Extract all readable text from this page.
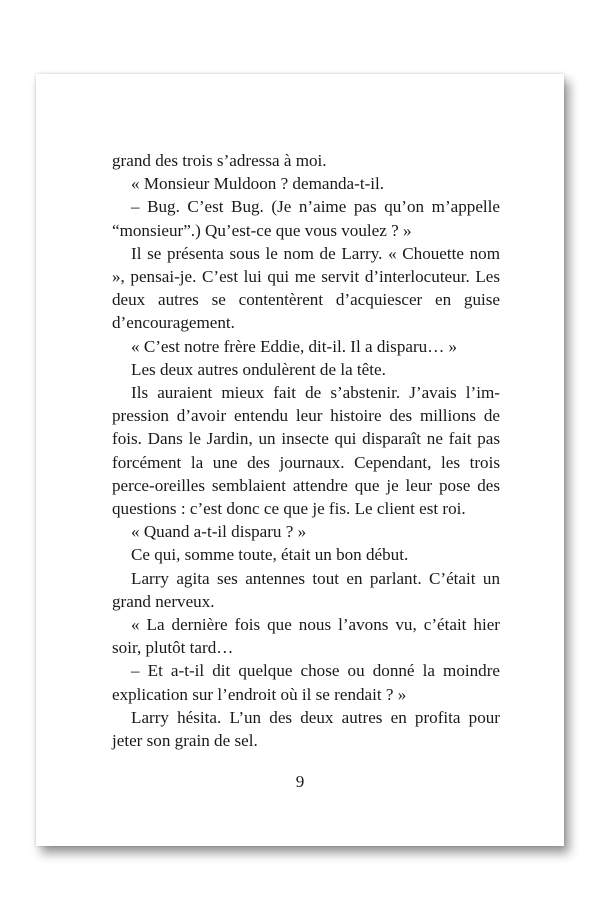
grand des trois s’adressa à moi.

« Monsieur Muldoon ? demanda-t-il.

– Bug. C’est Bug. (Je n’aime pas qu’on m’appelle “monsieur”.) Qu’est-ce que vous voulez ? »

Il se présenta sous le nom de Larry. « Chouette nom », pensai-je. C’est lui qui me servit d’interlocuteur. Les deux autres se contentèrent d’acquiescer en guise d’encouragement.

« C’est notre frère Eddie, dit-il. Il a disparu… »

Les deux autres ondulèrent de la tête.

Ils auraient mieux fait de s’abstenir. J’avais l’impression d’avoir entendu leur histoire des millions de fois. Dans le Jardin, un insecte qui disparaît ne fait pas forcément la une des journaux. Cependant, les trois perce-oreilles semblaient attendre que je leur pose des questions : c’est donc ce que je fis. Le client est roi.

« Quand a-t-il disparu ? »

Ce qui, somme toute, était un bon début.

Larry agita ses antennes tout en parlant. C’était un grand nerveux.

« La dernière fois que nous l’avons vu, c’était hier soir, plutôt tard…

– Et a-t-il dit quelque chose ou donné la moindre explication sur l’endroit où il se rendait ? »

Larry hésita. L’un des deux autres en profita pour jeter son grain de sel.

9
